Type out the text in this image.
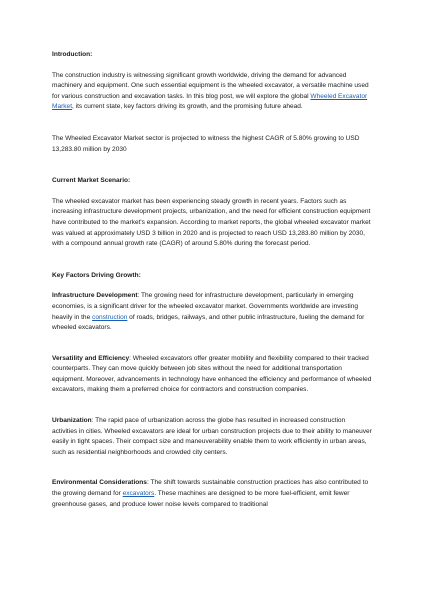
Introduction:

The construction industry is witnessing significant growth worldwide, driving the demand for advanced machinery and equipment. One such essential equipment is the wheeled excavator, a versatile machine used for various construction and excavation tasks. In this blog post, we will explore the global Wheeled Excavator Market, its current state, key factors driving its growth, and the promising future ahead.

The Wheeled Excavator Market sector is projected to witness the highest CAGR of 5.80% growing to USD 13,283.80 million by 2030

Current Market Scenario:

The wheeled excavator market has been experiencing steady growth in recent years. Factors such as increasing infrastructure development projects, urbanization, and the need for efficient construction equipment have contributed to the market's expansion. According to market reports, the global wheeled excavator market was valued at approximately USD 3 billion in 2020 and is projected to reach USD 13,283.80 million by 2030, with a compound annual growth rate (CAGR) of around 5.80% during the forecast period.

Key Factors Driving Growth:

Infrastructure Development: The growing need for infrastructure development, particularly in emerging economies, is a significant driver for the wheeled excavator market. Governments worldwide are investing heavily in the construction of roads, bridges, railways, and other public infrastructure, fueling the demand for wheeled excavators.

Versatility and Efficiency: Wheeled excavators offer greater mobility and flexibility compared to their tracked counterparts. They can move quickly between job sites without the need for additional transportation equipment. Moreover, advancements in technology have enhanced the efficiency and performance of wheeled excavators, making them a preferred choice for contractors and construction companies.

Urbanization: The rapid pace of urbanization across the globe has resulted in increased construction activities in cities. Wheeled excavators are ideal for urban construction projects due to their ability to maneuver easily in tight spaces. Their compact size and maneuverability enable them to work efficiently in urban areas, such as residential neighborhoods and crowded city centers.

Environmental Considerations: The shift towards sustainable construction practices has also contributed to the growing demand for excavators. These machines are designed to be more fuel-efficient, emit fewer greenhouse gases, and produce lower noise levels compared to traditional
